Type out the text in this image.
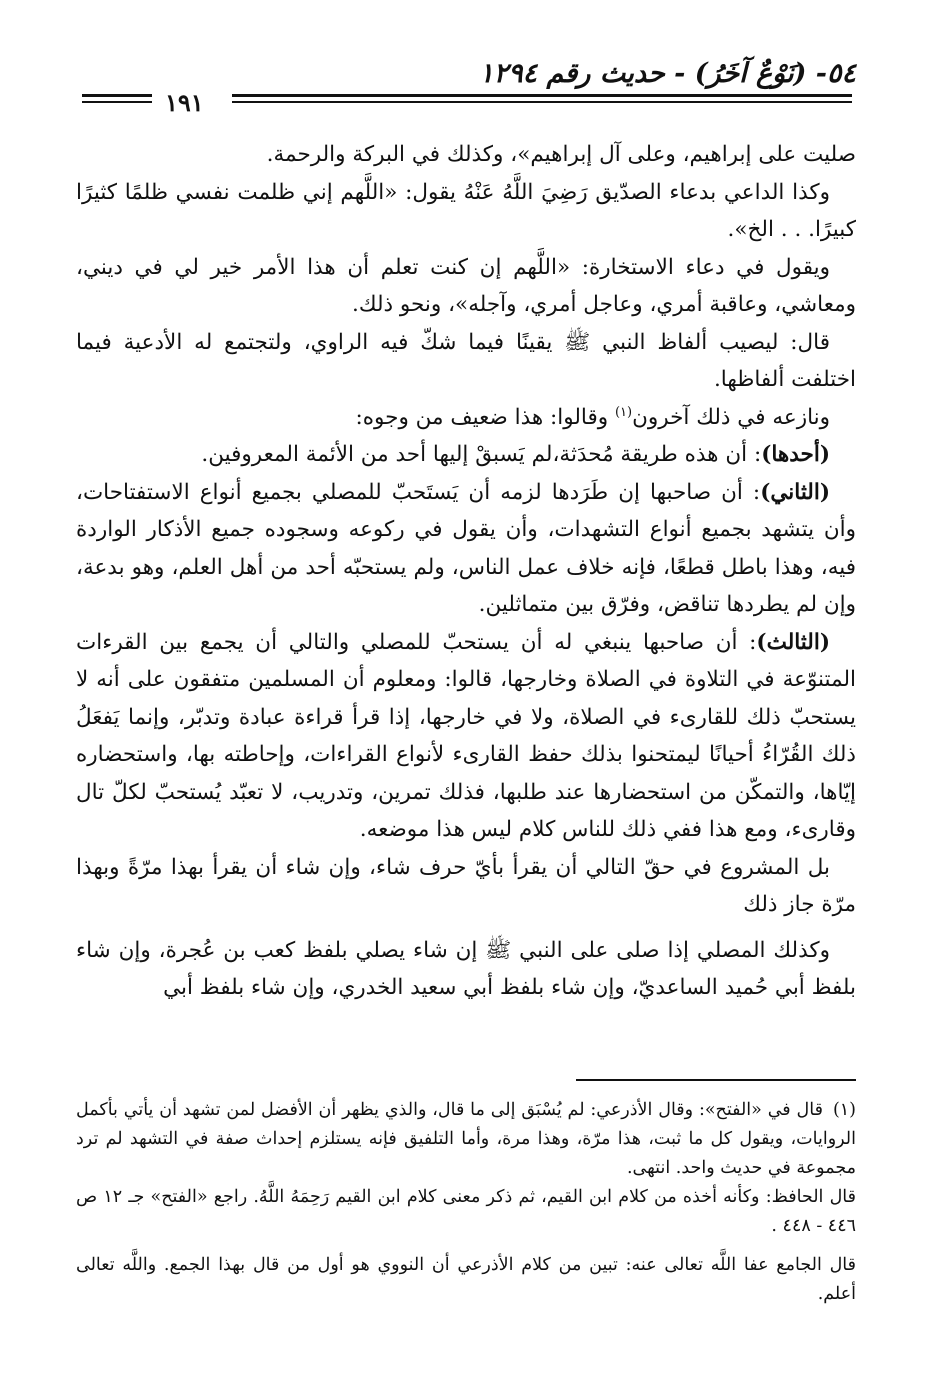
٥٤- (نَوْعٌ آخَرُ) - حديث رقم ١٢٩٤
١٩١

صليت على إبراهيم، وعلى آل إبراهيم»، وكذلك في البركة والرحمة.

وكذا الداعي بدعاء الصدّيق رَضِيَ اللَّهُ عَنْهُ يقول: «اللَّهم إني ظلمت نفسي ظلمًا كثيرًا كبيرًا. . . الخ».

ويقول في دعاء الاستخارة: «اللَّهم إن كنت تعلم أن هذا الأمر خير لي في ديني، ومعاشي، وعاقبة أمري، وعاجل أمري، وآجله»، ونحو ذلك.

قال: ليصيب ألفاظ النبي ﷺ يقينًا فيما شكّ فيه الراوي، ولتجتمع له الأدعية فيما اختلفت ألفاظها.

ونازعه في ذلك آخرون$^{(١)}$ وقالوا: هذا ضعيف من وجوه:

(أحدها): أن هذه طريقة مُحدَثة،لم يَسبقْ إليها أحد من الأئمة المعروفين.

(الثاني): أن صاحبها إن طَرَدها لزمه أن يَستَحبّ للمصلي بجميع أنواع الاستفتاحات، وأن يتشهد بجميع أنواع التشهدات، وأن يقول في ركوعه وسجوده جميع الأذكار الواردة فيه، وهذا باطل قطعًا، فإنه خلاف عمل الناس، ولم يستحبّه أحد من أهل العلم، وهو بدعة، وإن لم يطردها تناقض، وفرّق بين متماثلين.

(الثالث): أن صاحبها ينبغي له أن يستحبّ للمصلي والتالي أن يجمع بين القرءات المتنوّعة في التلاوة في الصلاة وخارجها، قالوا: ومعلوم أن المسلمين متفقون على أنه لا يستحبّ ذلك للقارىء في الصلاة، ولا في خارجها، إذا قرأ قراءة عبادة وتدبّر، وإنما يَفعَلُ ذلك القُرّاءُ أحيانًا ليمتحنوا بذلك حفظ القارىء لأنواع القراءات، وإحاطته بها، واستحضاره إيّاها، والتمكّن من استحضارها عند طلبها، فذلك تمرين، وتدريب، لا تعبّد يُستحبّ لكلّ تال وقارىء، ومع هذا ففي ذلك للناس كلام ليس هذا موضعه.

بل المشروع في حقّ التالي أن يقرأ بأيّ حرف شاء، وإن شاء أن يقرأ بهذا مرّةً وبهذا مرّة جاز ذلك

وكذلك المصلي إذا صلى على النبي ﷺ إن شاء يصلي بلفظ كعب بن عُجرة، وإن شاء بلفظ أبي حُميد الساعديّ، وإن شاء بلفظ أبي سعيد الخدري، وإن شاء بلفظ أبي

(١)قال في «الفتح»: وقال الأذرعي: لم يُسْبَق إلى ما قال، والذي يظهر أن الأفضل لمن تشهد أن يأتي بأكمل الروايات، ويقول كل ما ثبت، هذا مرّة، وهذا مرة، وأما التلفيق فإنه يستلزم إحداث صفة في التشهد لم ترد مجموعة في حديث واحد. انتهى.

قال الحافظ: وكأنه أخذه من كلام ابن القيم، ثم ذكر معنى كلام ابن القيم رَحِمَهُ اللَّهُ. راجع «الفتح» جـ ١٢ ص ٤٤٦ - ٤٤٨ .

قال الجامع عفا اللَّه تعالى عنه: تبين من كلام الأذرعي أن النووي هو أول من قال بهذا الجمع. واللَّه تعالى أعلم.
